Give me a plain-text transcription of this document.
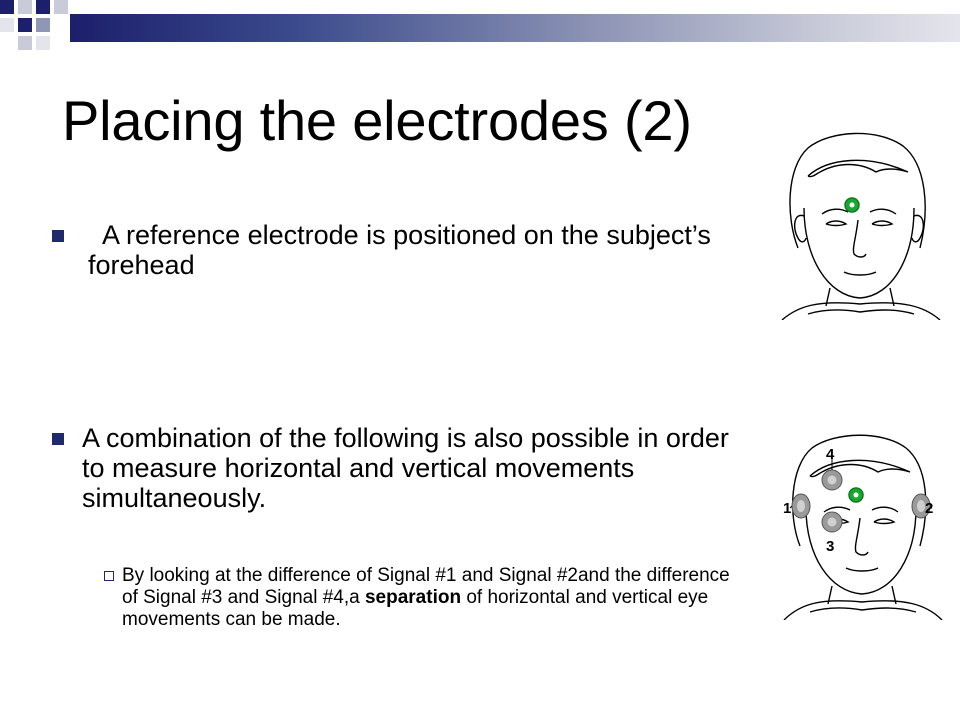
Placing the electrodes (2)
A reference electrode is positioned on the subject’s forehead
A combination of the following is also possible in order to measure horizontal and vertical movements simultaneously.
By looking at the difference of Signal #1 and Signal #2and the difference of Signal #3 and Signal #4,a separation of horizontal and vertical eye movements can be made.
4
1	2
3
